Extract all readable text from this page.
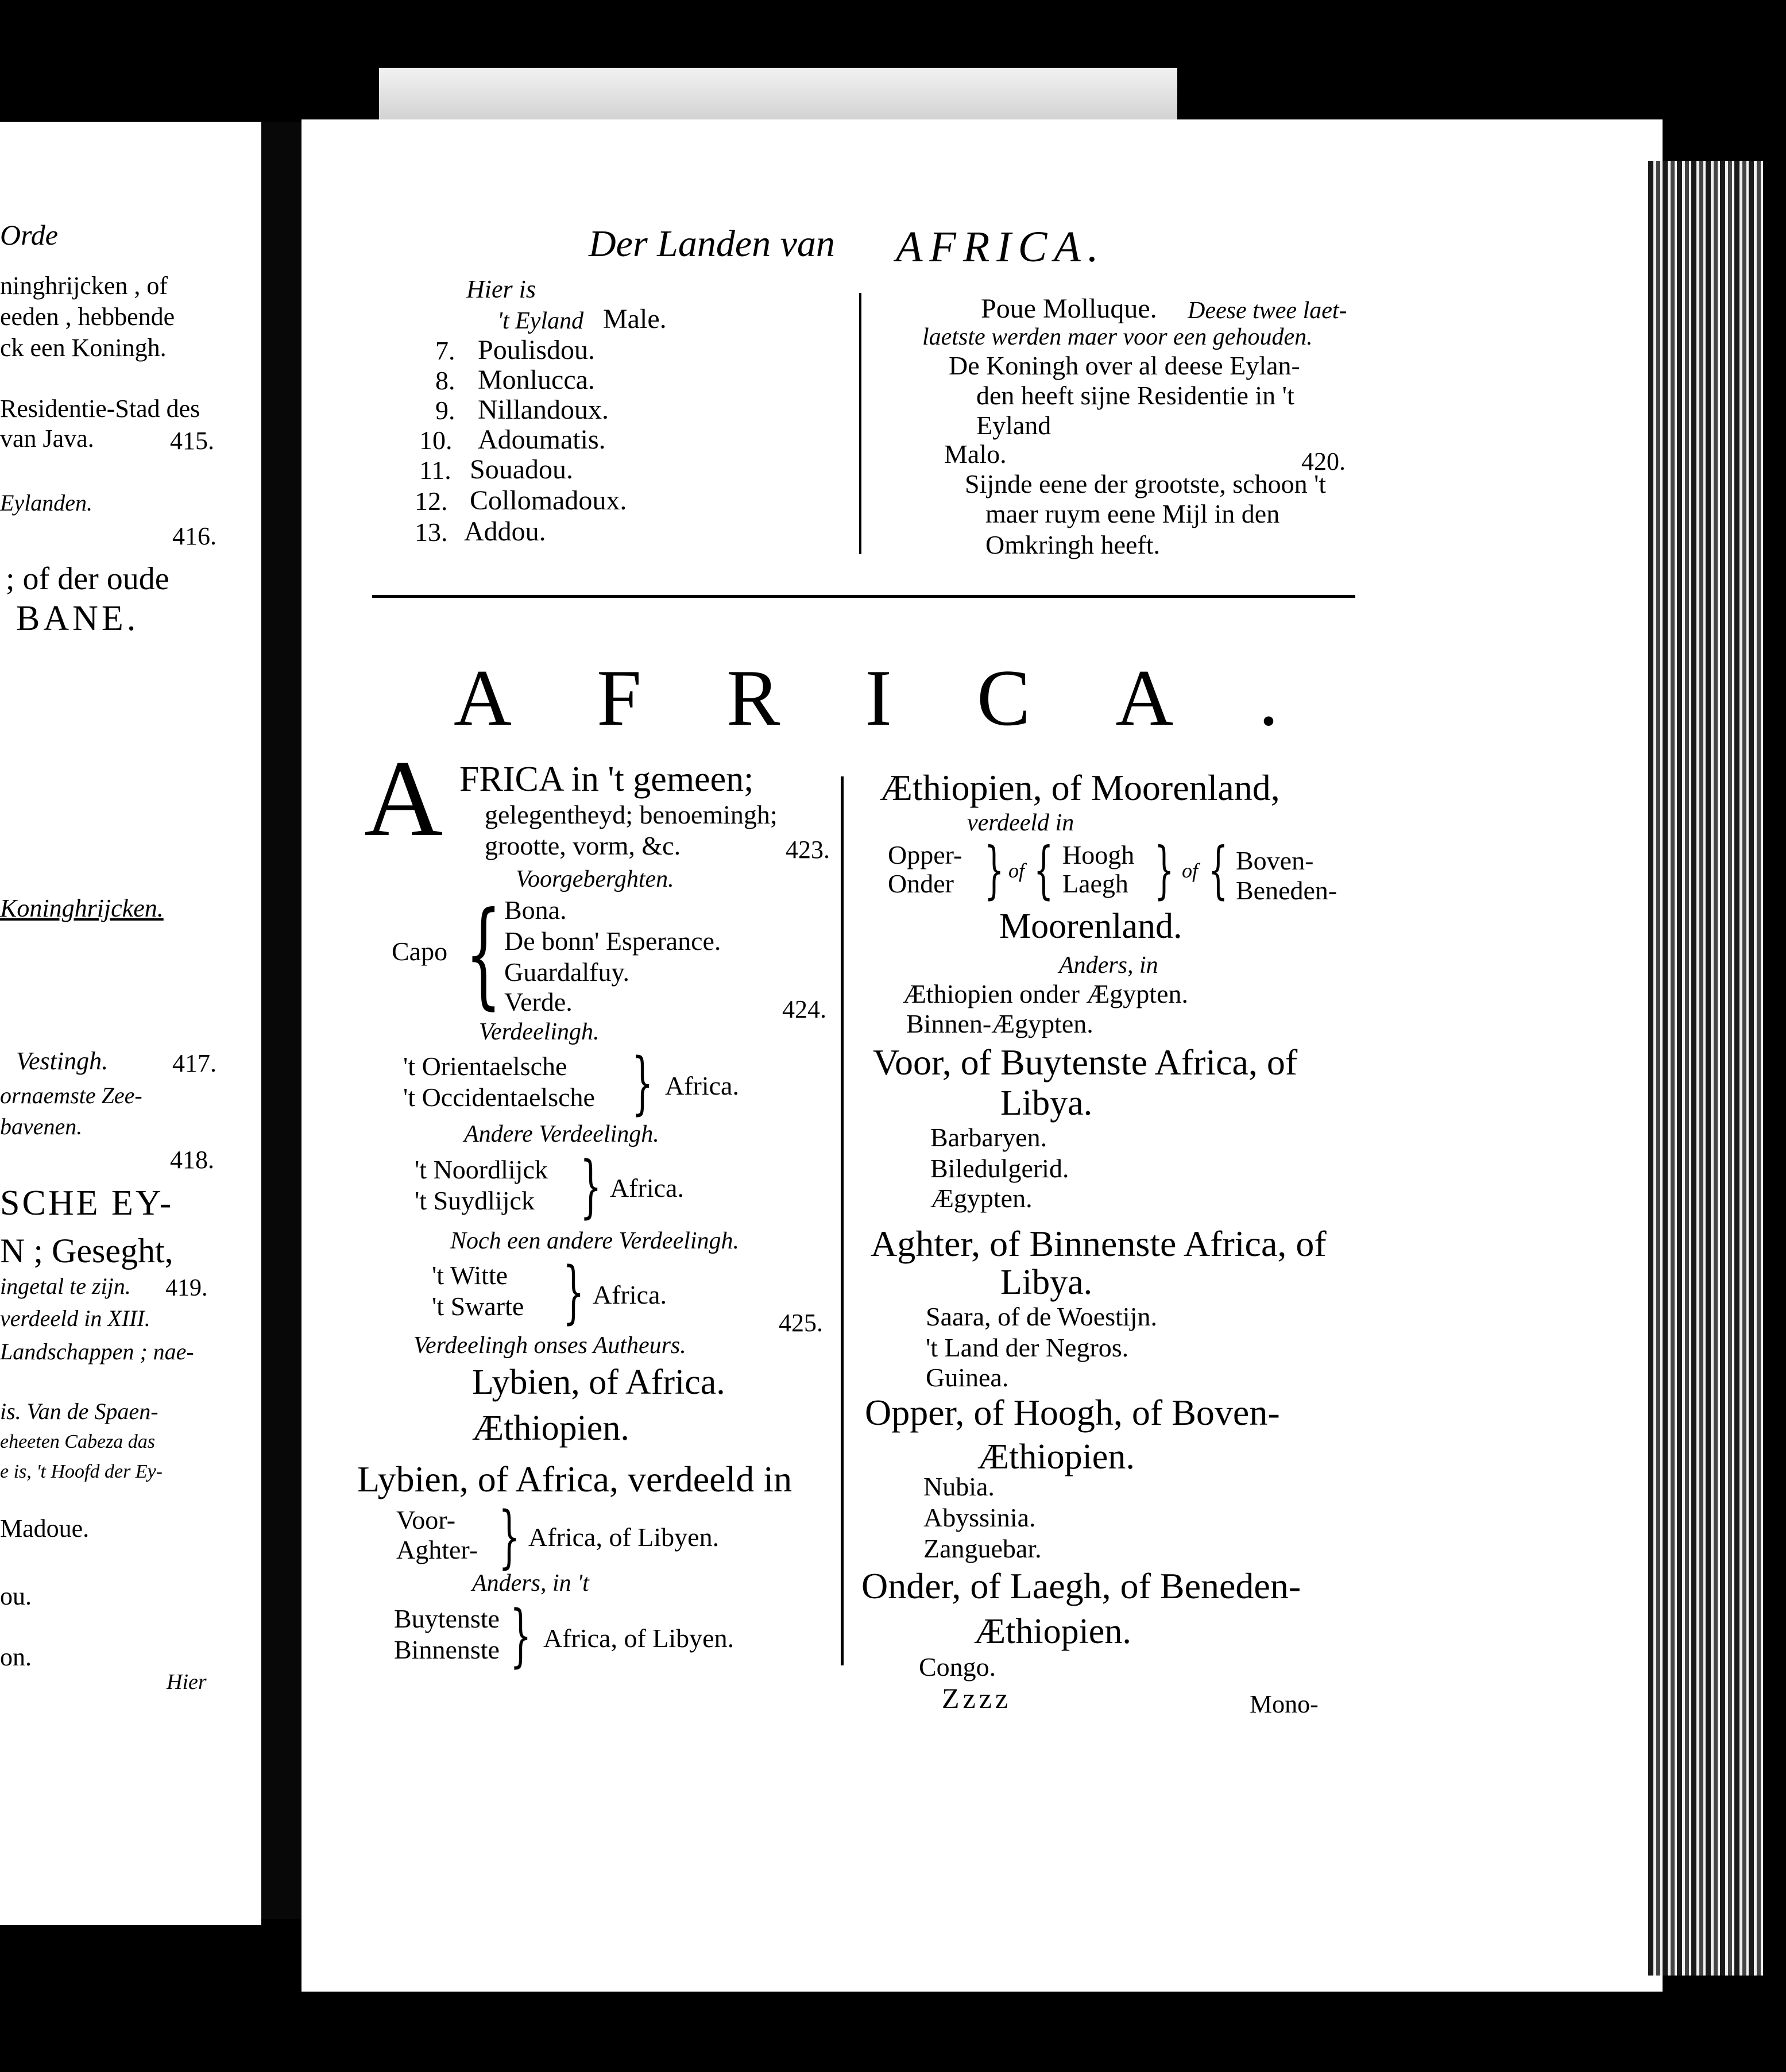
Orde
ninghrijcken , of
eeden , hebbende
ck een Koningh.
Residentie-Stad des
van Java.	415.
Eylanden.
416.
; of der oude
BANE.
Koninghrijcken.
Vestingh.	417.
ornaemste Zee-
bavenen.
418.
SCHE EY-
N ; Geseght,
ingetal te zijn. 419.
verdeeld in XIII.
Landschappen ; nae-
is. Van de Spaen-
eheeten Cabeza das
e is, 't Hoofd der Ey-
Madoue.
ou.
on.
Hier
Der Landen van AFRICA.
Hier is
't Eyland Male.
7. Poulisdou.
8. Monlucca.
9. Nillandoux.
10. Adoumatis.
11. Souadou.
12. Collomadoux.
13. Addou.
Poue Molluque. Deese twee laet-
laetste werden maer voor een gehouden.
De Koningh over al deese Eylan-
den heeft sijne Residentie in 't
Eyland
Malo.	420.
Sijnde eene der grootste, schoon 't
maer ruym eene Mijl in den
Omkringh heeft.
AFRICA.
A FRICA in 't gemeen;
gelegentheyd; benoemingh;
grootte, vorm, &c.	423.
Voorgeberghten.
Capo { Bona.
De bonn' Esperance.
Guardalfuy.
Verde.	424.
Verdeelingh.
't Orientaelsche
't Occidentaelsche } Africa.
Andere Verdeelingh.
't Noordlijck
't Suydlijck } Africa.
Noch een andere Verdeelingh.
't Witte
't Swarte } Africa.
425.
Verdeelingh onses Autheurs.
Lybien, of Africa.
Æthiopien.
Lybien, of Africa, verdeeld in
Voor-
Aghter- } Africa, of Libyen.
Anders, in 't
Buytenste
Binnenste } Africa, of Libyen.
Æthiopien, of Moorenland,
verdeeld in
Opper-
Onder } of { Hoogh
Laegh } of { Boven-
Beneden-
Moorenland.
Anders, in
Æthiopien onder Ægypten.
Binnen-Ægypten.
Voor, of Buytenste Africa, of
Libya.
Barbaryen.
Biledulgerid.
Ægypten.
Aghter, of Binnenste Africa, of
Libya.
Saara, of de Woestijn.
't Land der Negros.
Guinea.
Opper, of Hoogh, of Boven-
Æthiopien.
Nubia.
Abyssinia.
Zanguebar.
Onder, of Laegh, of Beneden-
Æthiopien.
Congo.
Zzzz	Mono-
